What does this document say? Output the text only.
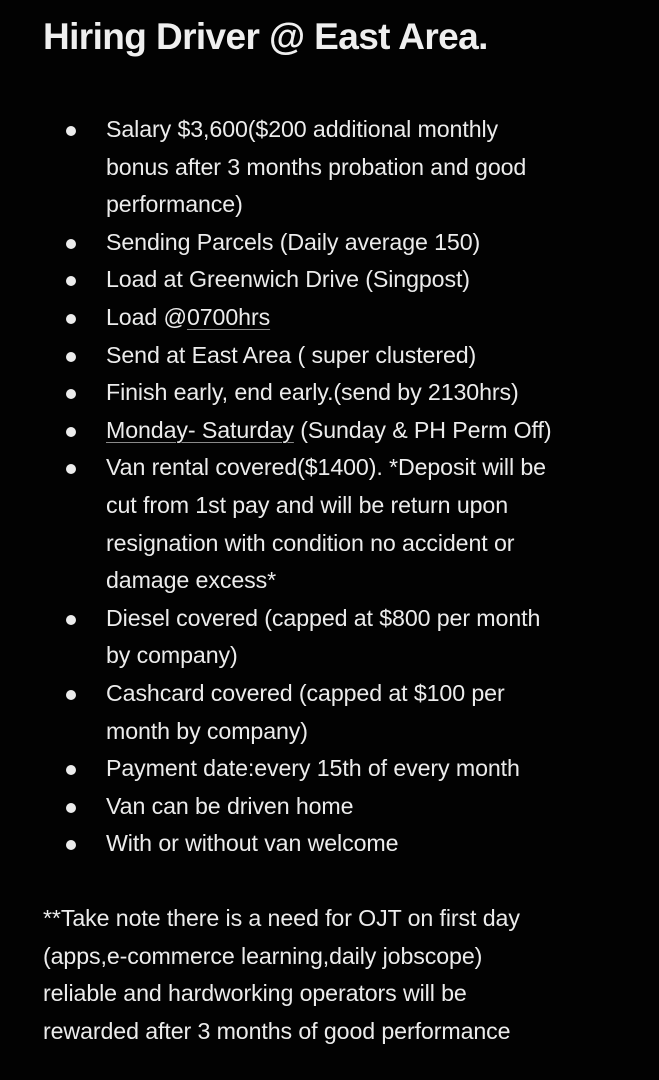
Hiring Driver @ East Area.
Salary $3,600($200 additional monthly
bonus after 3 months probation and good
performance)
Sending Parcels (Daily average 150)
Load at Greenwich Drive (Singpost)
Load @0700hrs
Send at East Area ( super clustered)
Finish early, end early.(send by 2130hrs)
Monday- Saturday (Sunday & PH Perm Off)
Van rental covered($1400). *Deposit will be
cut from 1st pay and will be return upon
resignation with condition no accident or
damage excess*
Diesel covered (capped at $800 per month
by company)
Cashcard covered (capped at $100 per
month by company)
Payment date:every 15th of every month
Van can be driven home
With or without van welcome

**Take note there is a need for OJT on first day
(apps,e-commerce learning,daily jobscope)
reliable and hardworking operators will be
rewarded after 3 months of good performance
